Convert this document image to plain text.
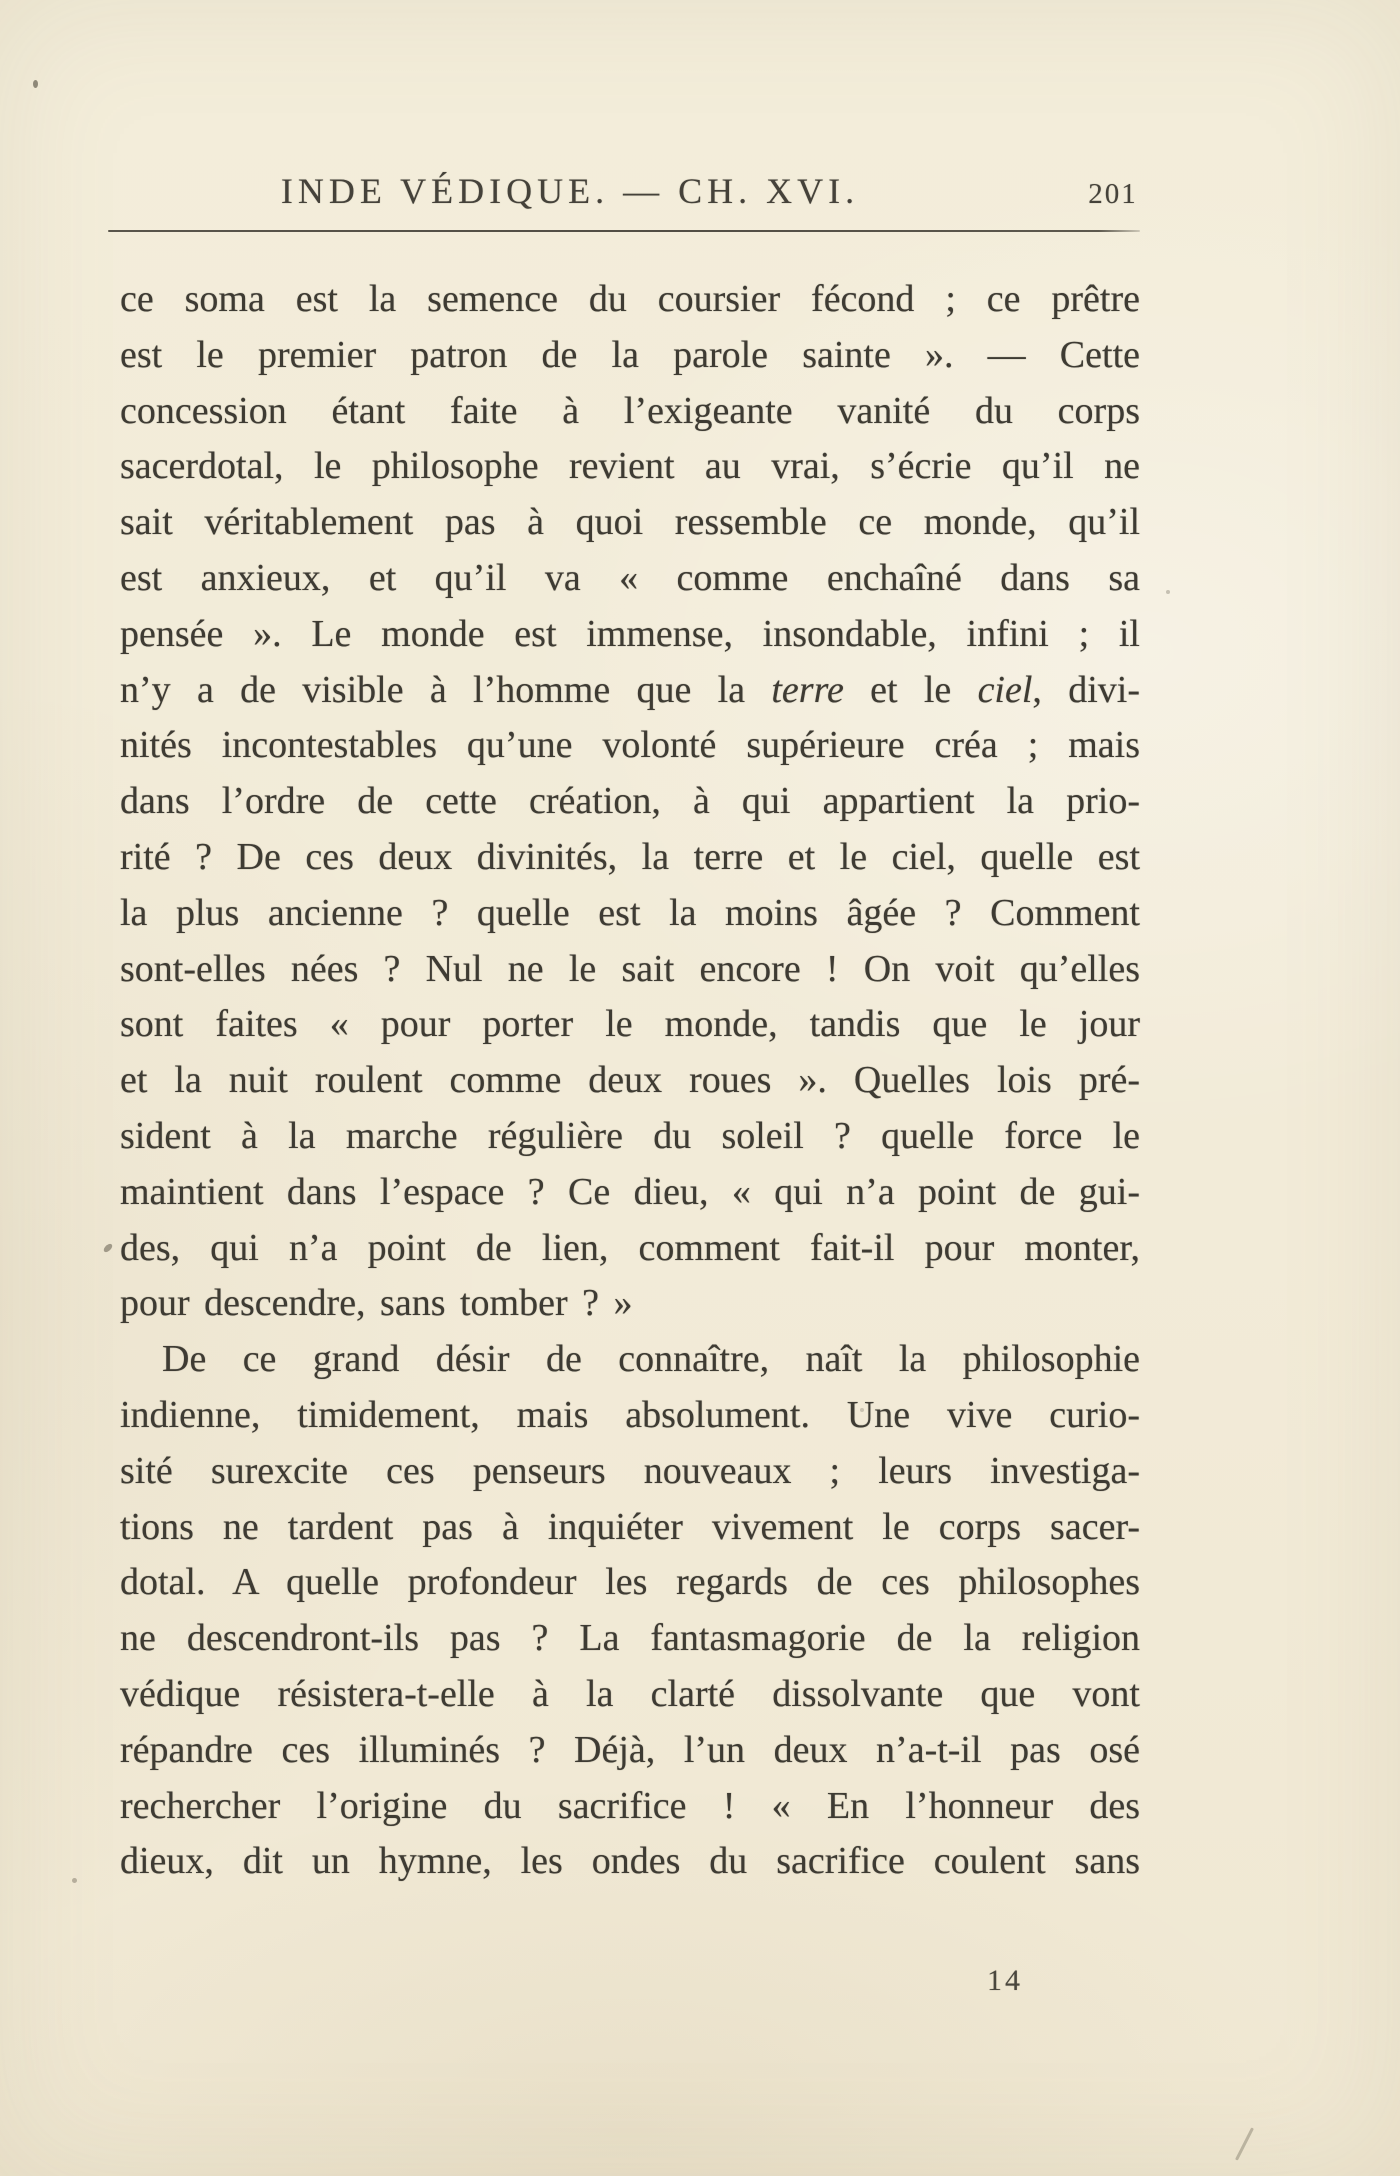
INDE VÉDIQUE. — CH. XVI.	201
ce soma est la semence du coursier fécond ; ce prêtre
est le premier patron de la parole sainte ». — Cette
concession étant faite à l’exigeante vanité du corps
sacerdotal, le philosophe revient au vrai, s’écrie qu’il ne
sait véritablement pas à quoi ressemble ce monde, qu’il
est anxieux, et qu’il va « comme enchaîné dans sa
pensée ». Le monde est immense, insondable, infini ; il
n’y a de visible à l’homme que la terre et le ciel, divi-
nités incontestables qu’une volonté supérieure créa ; mais
dans l’ordre de cette création, à qui appartient la prio-
rité ? De ces deux divinités, la terre et le ciel, quelle est
la plus ancienne ? quelle est la moins âgée ? Comment
sont-elles nées ? Nul ne le sait encore ! On voit qu’elles
sont faites « pour porter le monde, tandis que le jour
et la nuit roulent comme deux roues ». Quelles lois pré-
sident à la marche régulière du soleil ? quelle force le
maintient dans l’espace ? Ce dieu, « qui n’a point de gui-
des, qui n’a point de lien, comment fait-il pour monter,
pour descendre, sans tomber ? »
De ce grand désir de connaître, naît la philosophie
indienne, timidement, mais absolument. Une vive curio-
sité surexcite ces penseurs nouveaux ; leurs investiga-
tions ne tardent pas à inquiéter vivement le corps sacer-
dotal. A quelle profondeur les regards de ces philosophes
ne descendront-ils pas ? La fantasmagorie de la religion
védique résistera-t-elle à la clarté dissolvante que vont
répandre ces illuminés ? Déjà, l’un deux n’a-t-il pas osé
rechercher l’origine du sacrifice ! « En l’honneur des
dieux, dit un hymne, les ondes du sacrifice coulent sans
14
